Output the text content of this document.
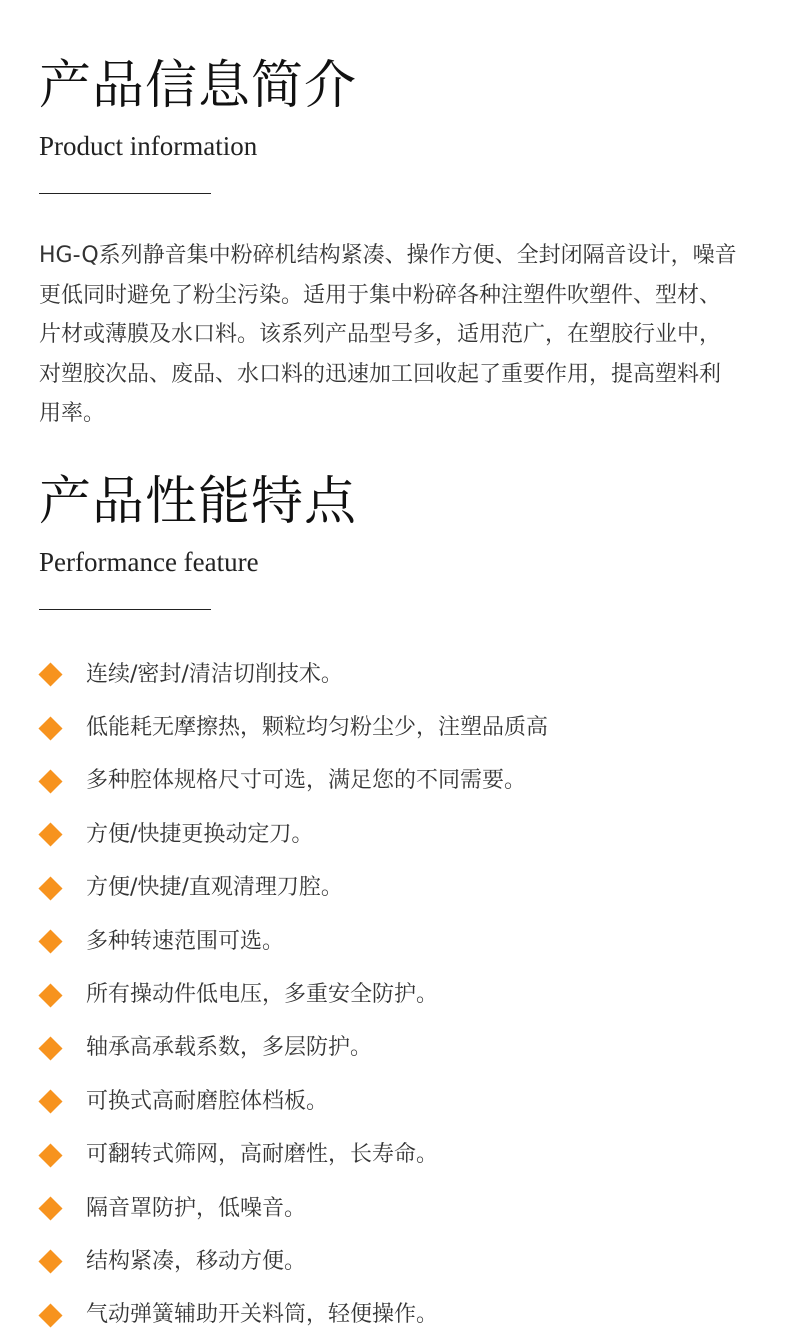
产品信息简介
Product information

HG-Q系列静音集中粉碎机结构紧凑、操作方便、全封闭隔音设计，噪音更低同时避免了粉尘污染。适用于集中粉碎各种注塑件吹塑件、型材、片材或薄膜及水口料。该系列产品型号多，适用范广，在塑胶行业中，对塑胶次品、废品、水口料的迅速加工回收起了重要作用，提高塑料利用率。

产品性能特点
Performance feature
连续/密封/清洁切削技术。
低能耗无摩擦热，颗粒均匀粉尘少，注塑品质高
多种腔体规格尺寸可选，满足您的不同需要。
方便/快捷更换动定刀。
方便/快捷/直观清理刀腔。
多种转速范围可选。
所有操动件低电压，多重安全防护。
轴承高承载系数，多层防护。
可换式高耐磨腔体档板。
可翻转式筛网，高耐磨性，长寿命。
隔音罩防护，低噪音。
结构紧凑，移动方便。
气动弹簧辅助开关料筒，轻便操作。
